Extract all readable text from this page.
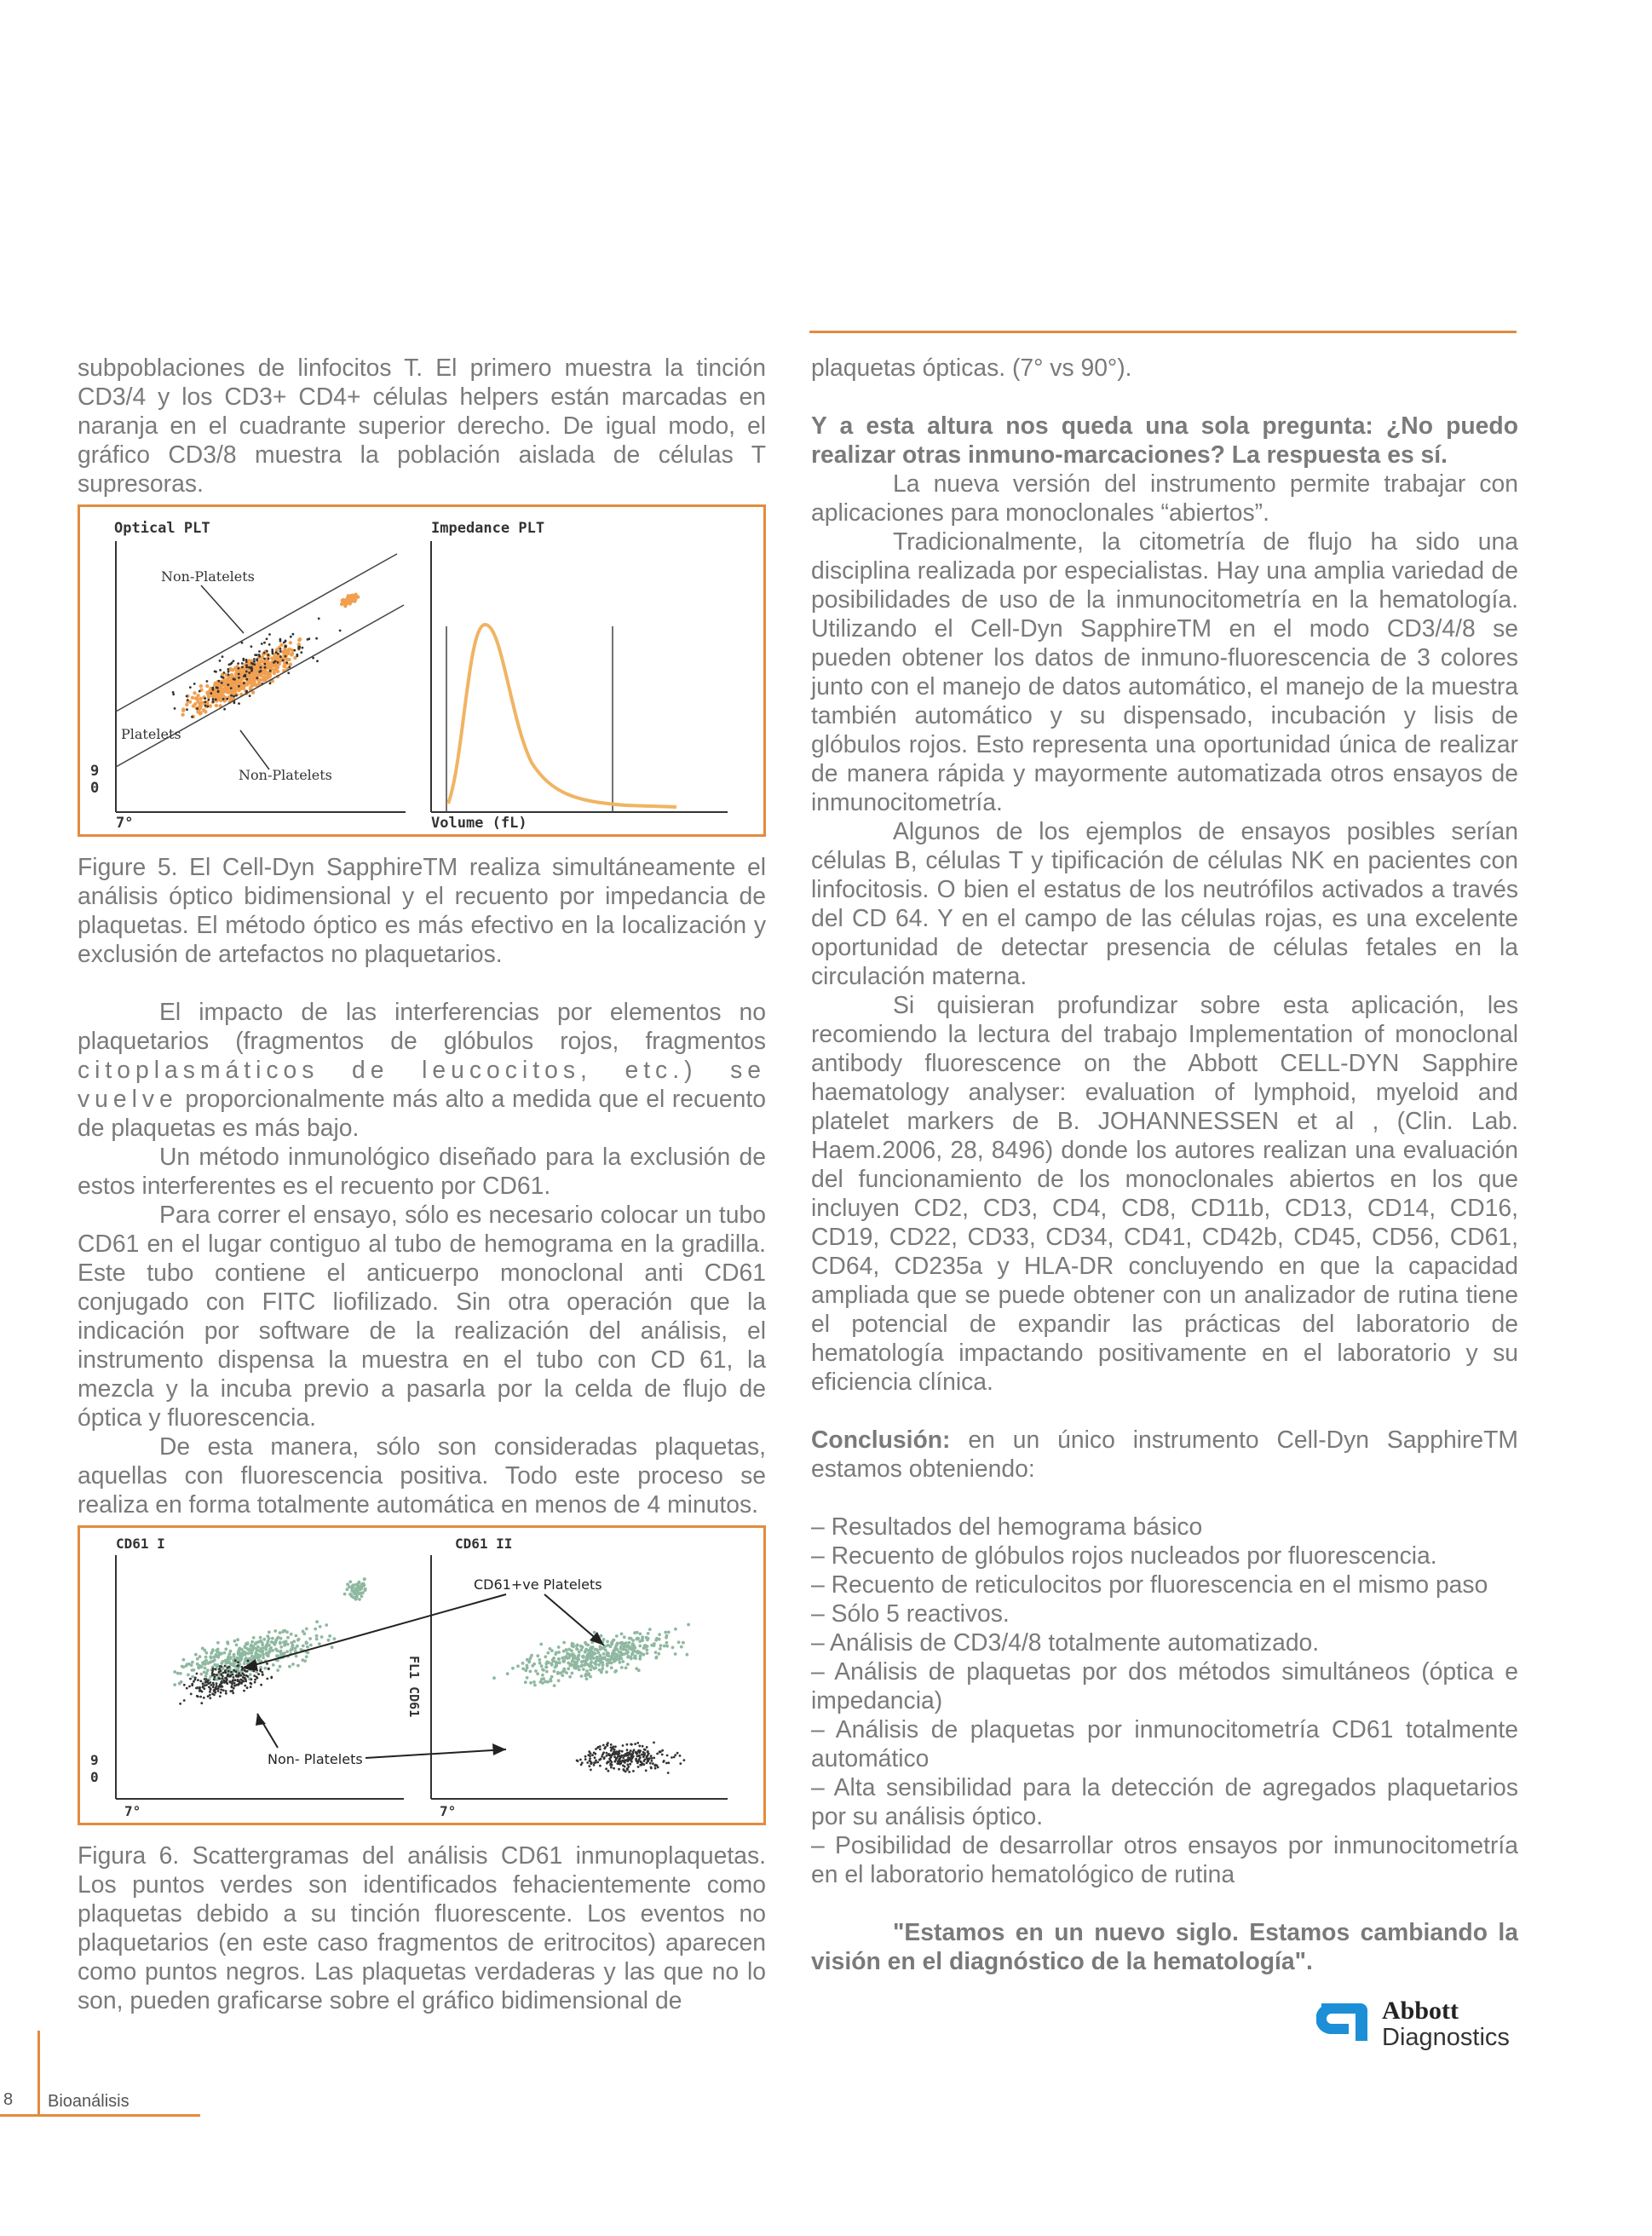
subpoblaciones de linfocitos T. El primero muestra la tinción CD3/4 y los CD3+ CD4+ células helpers están marcadas en naranja en el cuadrante superior derecho. De igual modo, el gráfico CD3/8 muestra la población aislada de células T supresoras.

Optical PLT	Impedance PLT
Non-Platelets
Platelets
Non-Platelets
9
0
7°	Volume (fL)

Figure 5. El Cell-Dyn SapphireTM realiza simultáneamente el análisis óptico bidimensional y el recuento por impedancia de plaquetas. El método óptico es más efectivo en la localización y exclusión de artefactos no plaquetarios.

El impacto de las interferencias por elementos no plaquetarios (fragmentos de glóbulos rojos, fragmentos citoplasmáticos de leucocitos, etc.) se vuelve proporcionalmente más alto a medida que el recuento de plaquetas es más bajo.

Un método inmunológico diseñado para la exclusión de estos interferentes es el recuento por CD61.

Para correr el ensayo, sólo es necesario colocar un tubo CD61 en el lugar contiguo al tubo de hemograma en la gradilla. Este tubo contiene el anticuerpo monoclonal anti CD61 conjugado con FITC liofilizado. Sin otra operación que la indicación por software de la realización del análisis, el instrumento dispensa la muestra en el tubo con CD 61, la mezcla y la incuba previo a pasarla por la celda de flujo de óptica y fluorescencia.

De esta manera, sólo son consideradas plaquetas, aquellas con fluorescencia positiva. Todo este proceso se realiza en forma totalmente automática en menos de 4 minutos.

CD61 I	CD61 II
CD61+ve Platelets
Non- Platelets
9
0
7°	7°
FL1 CD61

Figura 6. Scattergramas del análisis CD61 inmunoplaquetas. Los puntos verdes son identificados fehacientemente como plaquetas debido a su tinción fluorescente. Los eventos no plaquetarios (en este caso fragmentos de eritrocitos) aparecen como puntos negros. Las plaquetas verdaderas y las que no lo son, pueden graficarse sobre el gráfico bidimensional de

plaquetas ópticas. (7° vs 90°).

Y a esta altura nos queda una sola pregunta: ¿No puedo realizar otras inmuno-marcaciones? La respuesta es sí.

La nueva versión del instrumento permite trabajar con aplicaciones para monoclonales “abiertos”.

Tradicionalmente, la citometría de flujo ha sido una disciplina realizada por especialistas. Hay una amplia variedad de posibilidades de uso de la inmunocitometría en la hematología. Utilizando el Cell-Dyn SapphireTM en el modo CD3/4/8 se pueden obtener los datos de inmuno-fluorescencia de 3 colores junto con el manejo de datos automático, el manejo de la muestra también automático y su dispensado, incubación y lisis de glóbulos rojos. Esto representa una oportunidad única de realizar de manera rápida y mayormente automatizada otros ensayos de inmunocitometría.

Algunos de los ejemplos de ensayos posibles serían células B, células T y tipificación de células NK en pacientes con linfocitosis. O bien el estatus de los neutrófilos activados a través del CD 64. Y en el campo de las células rojas, es una excelente oportunidad de detectar presencia de células fetales en la circulación materna.

Si quisieran profundizar sobre esta aplicación, les recomiendo la lectura del trabajo Implementation of monoclonal antibody fluorescence on the Abbott CELL-DYN Sapphire haematology analyser: evaluation of lymphoid, myeloid and platelet markers de B. JOHANNESSEN et al , (Clin. Lab. Haem.2006, 28, 8496) donde los autores realizan una evaluación del funcionamiento de los monoclonales abiertos en los que incluyen CD2, CD3, CD4, CD8, CD11b, CD13, CD14, CD16, CD19, CD22, CD33, CD34, CD41, CD42b, CD45, CD56, CD61, CD64, CD235a y HLA-DR concluyendo en que la capacidad ampliada que se puede obtener con un analizador de rutina tiene el potencial de expandir las prácticas del laboratorio de hematología impactando positivamente en el laboratorio y su eficiencia clínica.

Conclusión: en un único instrumento Cell-Dyn SapphireTM estamos obteniendo:

– Resultados del hemograma básico
– Recuento de glóbulos rojos nucleados por fluorescencia.
– Recuento de reticulocitos por fluorescencia en el mismo paso
– Sólo 5 reactivos.
– Análisis de CD3/4/8 totalmente automatizado.
– Análisis de plaquetas por dos métodos simultáneos (óptica e impedancia)
– Análisis de plaquetas por inmunocitometría CD61 totalmente automático
– Alta sensibilidad para la detección de agregados plaquetarios por su análisis óptico.
– Posibilidad de desarrollar otros ensayos por inmunocitometría en el laboratorio hematológico de rutina

"Estamos en un nuevo siglo. Estamos cambiando la visión en el diagnóstico de la hematología".

Abbott
Diagnostics
8 Bioanálisis
